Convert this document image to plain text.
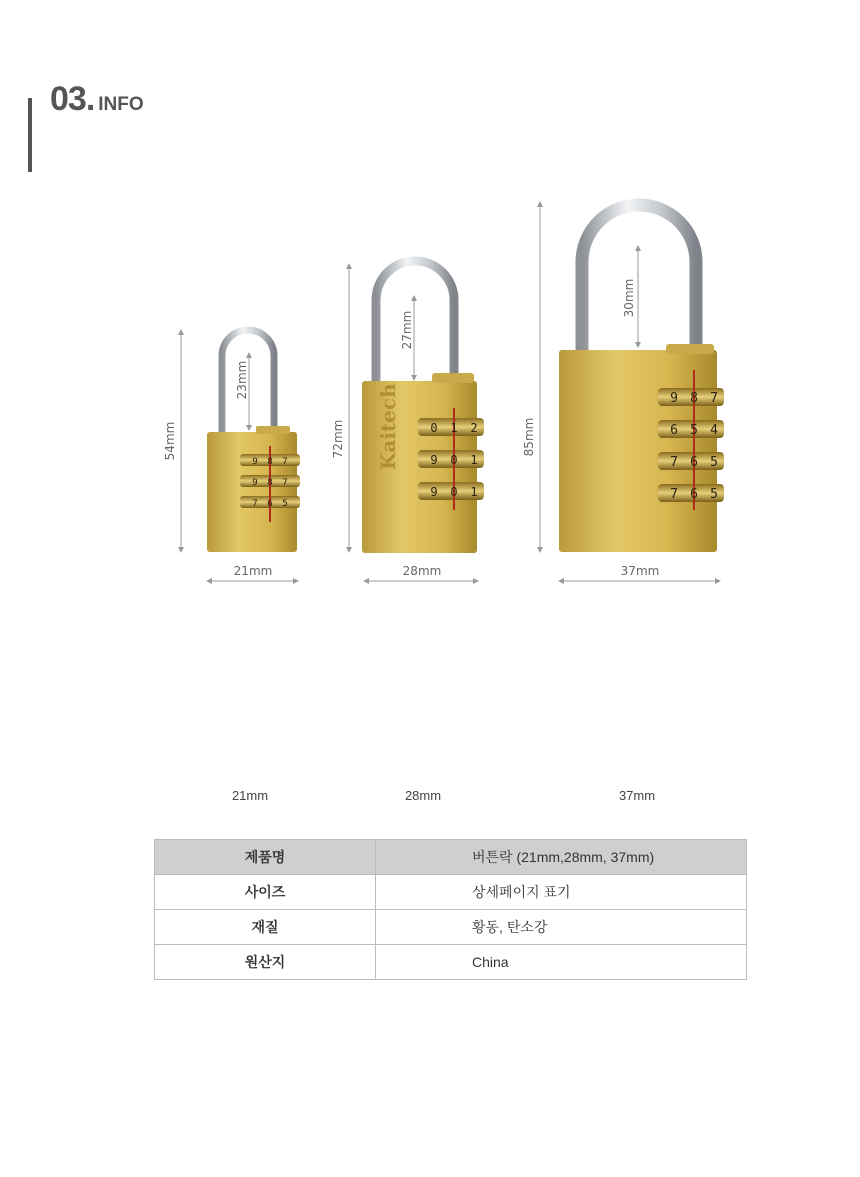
03. INFO
9 8 7
9 8 7
7 6 5
54mm
23mm
21mm
Kaitech	0 1 2
9 0 1
9 0 1
72mm
27mm
28mm
9 8 7
6 5 4
7 6 5
7 6 5
85mm
30mm
37mm
21mm	28mm	37mm
제품명	버튼락 (21mm,28mm, 37mm)
사이즈	상세페이지 표기
재질	황동, 탄소강
원산지	China
